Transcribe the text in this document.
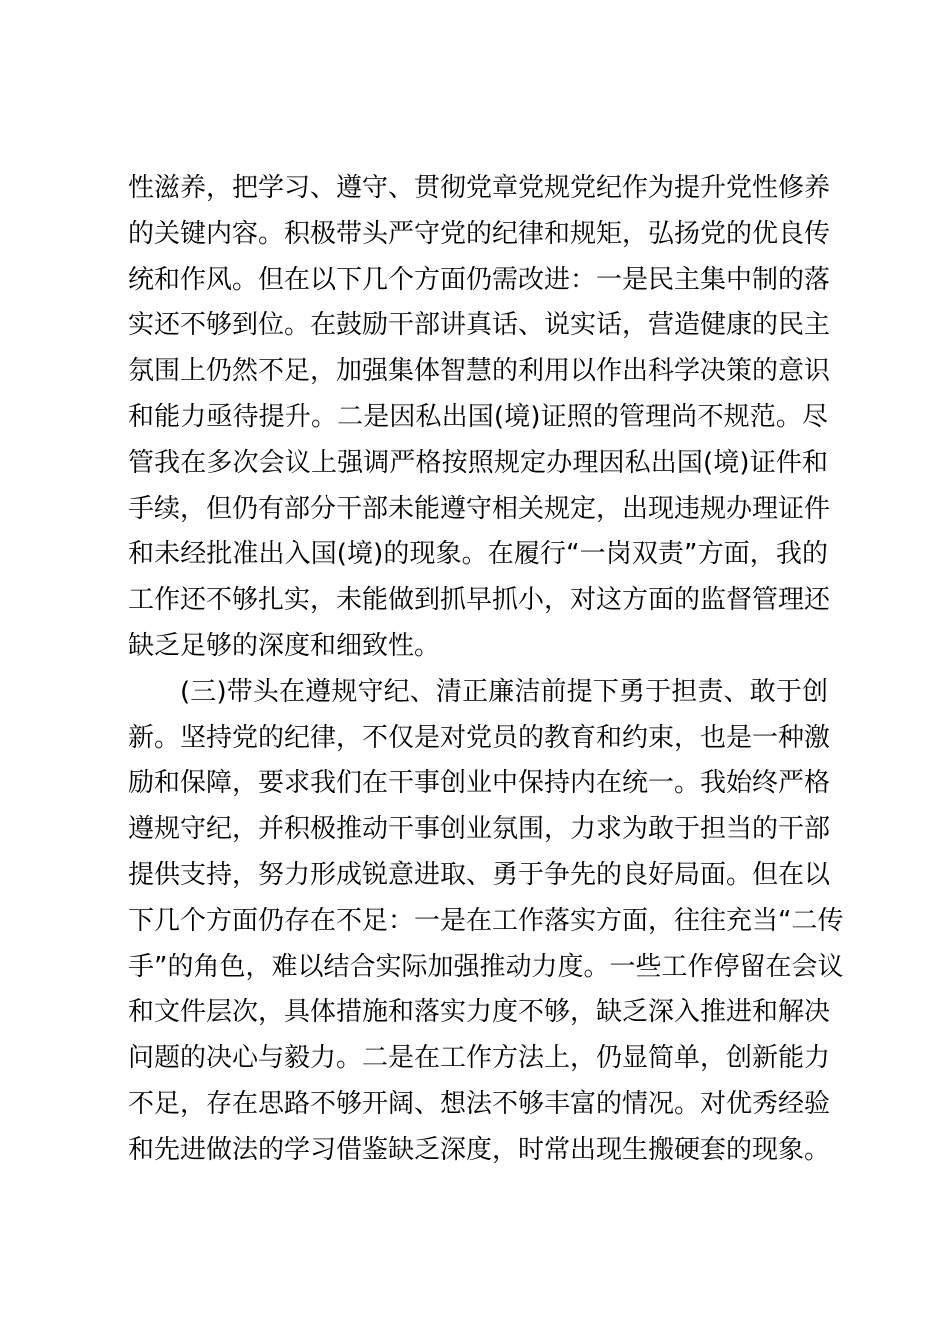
性滋养，把学习、遵守、贯彻党章党规党纪作为提升党性修养
的关键内容。积极带头严守党的纪律和规矩，弘扬党的优良传
统和作风。但在以下几个方面仍需改进：一是民主集中制的落
实还不够到位。在鼓励干部讲真话、说实话，营造健康的民主
氛围上仍然不足，加强集体智慧的利用以作出科学决策的意识
和能力亟待提升。二是因私出国(境)证照的管理尚不规范。尽
管我在多次会议上强调严格按照规定办理因私出国(境)证件和
手续，但仍有部分干部未能遵守相关规定，出现违规办理证件
和未经批准出入国(境)的现象。在履行“一岗双责”方面，我的
工作还不够扎实，未能做到抓早抓小，对这方面的监督管理还
缺乏足够的深度和细致性。
(三)带头在遵规守纪、清正廉洁前提下勇于担责、敢于创
新。坚持党的纪律，不仅是对党员的教育和约束，也是一种激
励和保障，要求我们在干事创业中保持内在统一。我始终严格
遵规守纪，并积极推动干事创业氛围，力求为敢于担当的干部
提供支持，努力形成锐意进取、勇于争先的良好局面。但在以
下几个方面仍存在不足：一是在工作落实方面，往往充当“二传
手”的角色，难以结合实际加强推动力度。一些工作停留在会议
和文件层次，具体措施和落实力度不够，缺乏深入推进和解决
问题的决心与毅力。二是在工作方法上，仍显简单，创新能力
不足，存在思路不够开阔、想法不够丰富的情况。对优秀经验
和先进做法的学习借鉴缺乏深度，时常出现生搬硬套的现象。
